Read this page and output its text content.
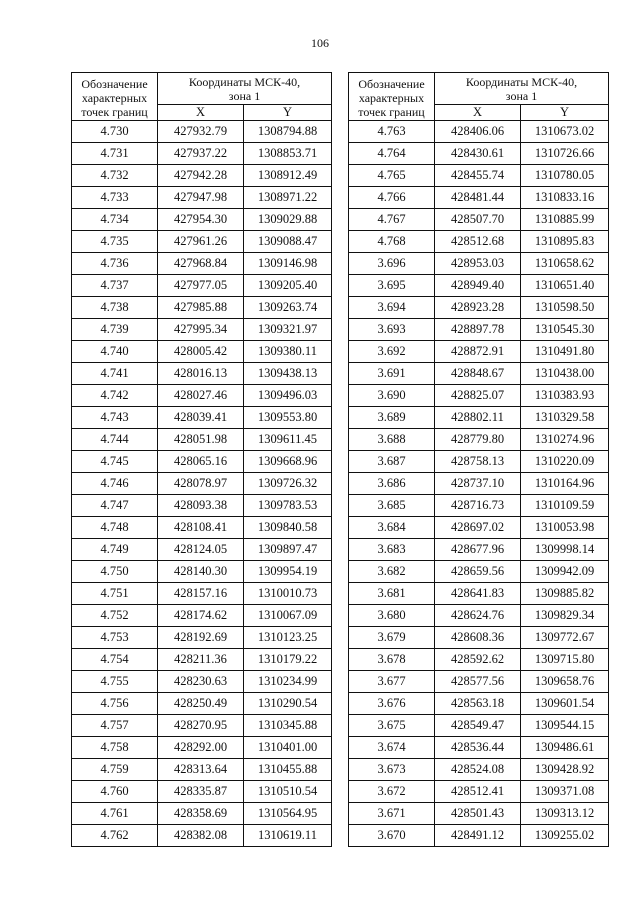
106
Обозначение
характерных
точек границ	Координаты МСК-40,
зона 1	
	X	Y
4.730	427932.79	1308794.88
4.731	427937.22	1308853.71
4.732	427942.28	1308912.49
4.733	427947.98	1308971.22
4.734	427954.30	1309029.88
4.735	427961.26	1309088.47
4.736	427968.84	1309146.98
4.737	427977.05	1309205.40
4.738	427985.88	1309263.74
4.739	427995.34	1309321.97
4.740	428005.42	1309380.11
4.741	428016.13	1309438.13
4.742	428027.46	1309496.03
4.743	428039.41	1309553.80
4.744	428051.98	1309611.45
4.745	428065.16	1309668.96
4.746	428078.97	1309726.32
4.747	428093.38	1309783.53
4.748	428108.41	1309840.58
4.749	428124.05	1309897.47
4.750	428140.30	1309954.19
4.751	428157.16	1310010.73
4.752	428174.62	1310067.09
4.753	428192.69	1310123.25
4.754	428211.36	1310179.22
4.755	428230.63	1310234.99
4.756	428250.49	1310290.54
4.757	428270.95	1310345.88
4.758	428292.00	1310401.00
4.759	428313.64	1310455.88
4.760	428335.87	1310510.54
4.761	428358.69	1310564.95
4.762	428382.08	1310619.11
Обозначение
характерных
точек границ	Координаты МСК-40,
зона 1	
	X	Y
4.763	428406.06	1310673.02
4.764	428430.61	1310726.66
4.765	428455.74	1310780.05
4.766	428481.44	1310833.16
4.767	428507.70	1310885.99
4.768	428512.68	1310895.83
3.696	428953.03	1310658.62
3.695	428949.40	1310651.40
3.694	428923.28	1310598.50
3.693	428897.78	1310545.30
3.692	428872.91	1310491.80
3.691	428848.67	1310438.00
3.690	428825.07	1310383.93
3.689	428802.11	1310329.58
3.688	428779.80	1310274.96
3.687	428758.13	1310220.09
3.686	428737.10	1310164.96
3.685	428716.73	1310109.59
3.684	428697.02	1310053.98
3.683	428677.96	1309998.14
3.682	428659.56	1309942.09
3.681	428641.83	1309885.82
3.680	428624.76	1309829.34
3.679	428608.36	1309772.67
3.678	428592.62	1309715.80
3.677	428577.56	1309658.76
3.676	428563.18	1309601.54
3.675	428549.47	1309544.15
3.674	428536.44	1309486.61
3.673	428524.08	1309428.92
3.672	428512.41	1309371.08
3.671	428501.43	1309313.12
3.670	428491.12	1309255.02
